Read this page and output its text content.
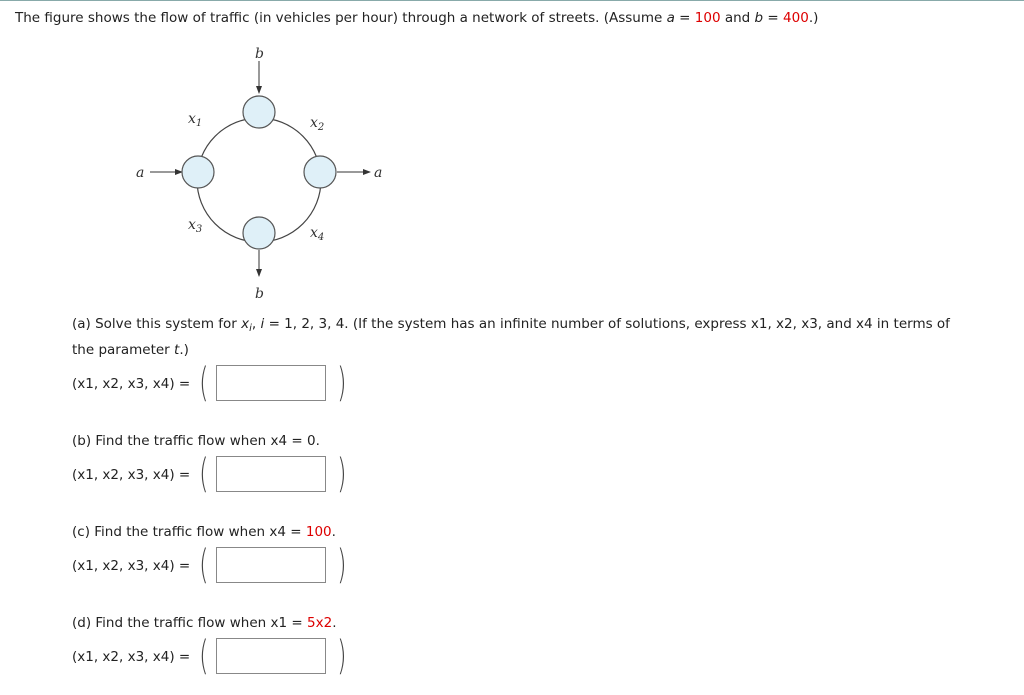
The figure shows the flow of traffic (in vehicles per hour) through a network of streets. (Assume a = 100 and b = 400.)
b
b
a	a
$x_1$	$x_2$
$x_3$	$x_4$
(a) Solve this system for $x_i$, i = 1, 2, 3, 4. (If the system has an infinite number of solutions, express x1, x2, x3, and x4 in terms of
the parameter t.)
(x1, x2, x3, x4) = (	)
(b) Find the traffic flow when x4 = 0.
(x1, x2, x3, x4) = (	)
(c) Find the traffic flow when x4 = 100.
(x1, x2, x3, x4) = (	)
(d) Find the traffic flow when x1 = 5x2.
(x1, x2, x3, x4) = (	)
